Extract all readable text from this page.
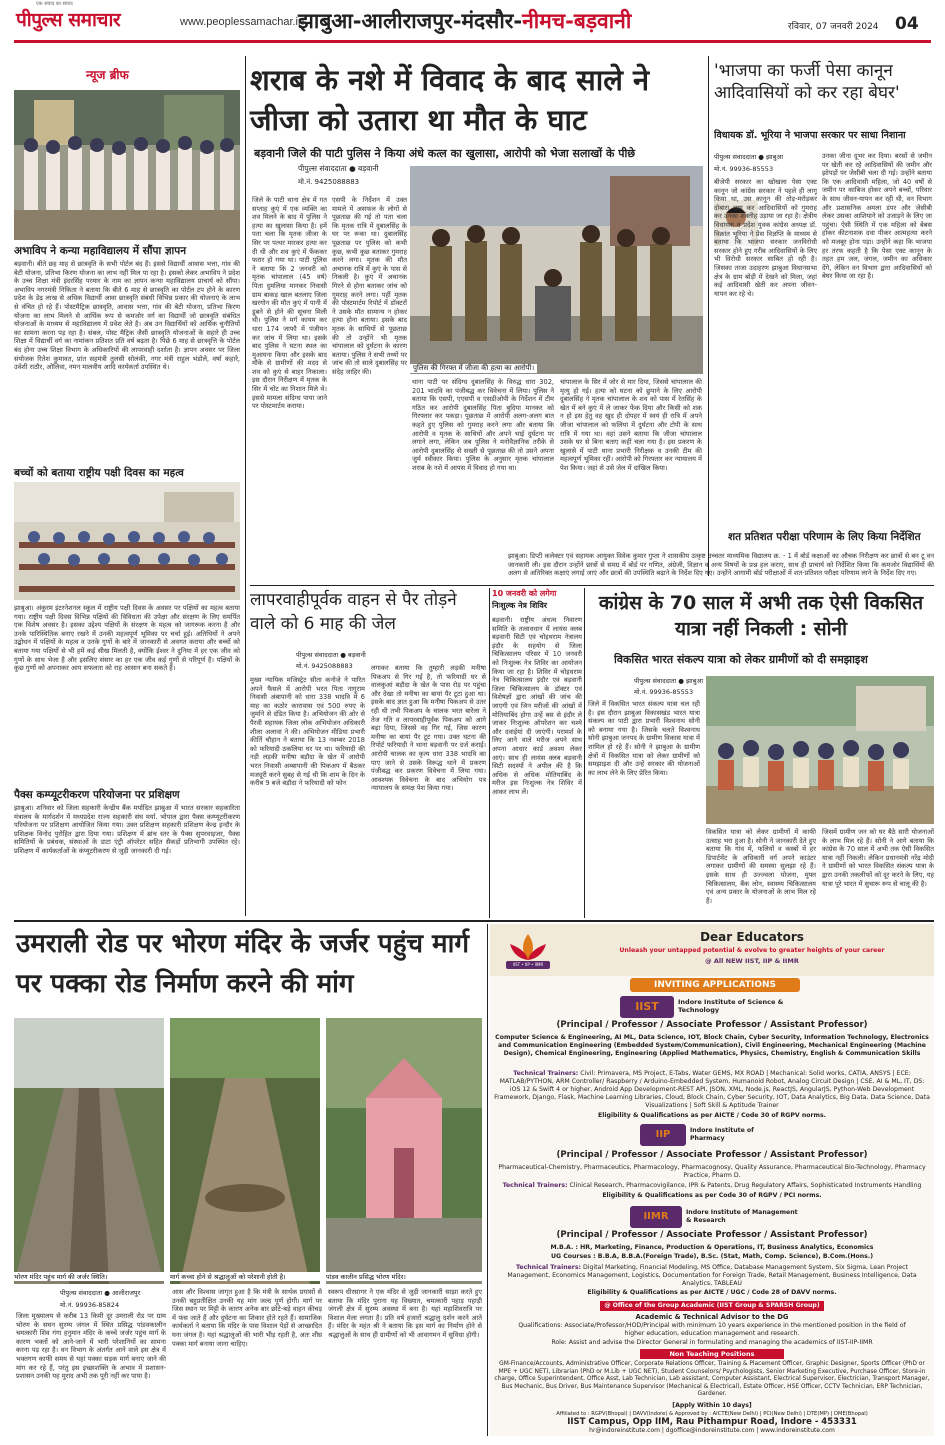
पीपुल्स समाचार
एक संवाद का संवाद
www.peoplessamachar.in
झाबुआ-आलीराजपुर-मंदसौर-नीमच-बड़वानी	रविवार, 07 जनवरी 2024 04
न्यूज ब्रीफ
अभाविप ने कन्या महाविद्यालय में सौंपा ज्ञापन
बड़वानी। बीते छह माह से छात्रवृति के सभी पोर्टल बंद हैं। इससे विद्यार्थी आवास भत्ता, गांव की बेटी योजना, प्रतिभा किरण योजना का लाभ नहीं मिल पा रहा है। इसको लेकर अभाविप ने प्रदेश के उच्च शिक्षा मंत्री इंदरसिंह परमार के नाम का ज्ञापन कन्या महाविद्यालय प्राचार्य को सौंपा। अभाविप नगरमंत्री निकिता ने बताया कि बीते 6 माह से छात्रवृति का पोर्टल टप होने के कारण प्रदेश के डेढ़ लाख से अधिक विद्यार्थी आवा छात्रवृति संबंधी विभिन्न प्रकार की योजनाएं के लाभ से वंचित हो रहे हैं। पोस्टमैट्रिक छात्रवृति, आवास भत्ता, गांव की बेटी योजना, प्रतिभा किरण योजना का लाभ मिलने से आर्थिक रूप से कमजोर वर्ग का विद्यार्थी जो छात्रवृति संबंधित योजनाओं के माध्यम से महाविद्यालय में प्रवेश लेते है। अब उन विद्यार्थियों को आर्थिक चुनौतियों का सामना करना पड़ रहा है। संबल, पोस्ट मैट्रिक जैसी छात्रवृति योजनाओं के सहारे ही उच्च शिक्षा में विद्यार्थी वर्ग का नामांकन प्रतिशत प्रति वर्ष बढ़ता है। पिछे 6 माह से छात्रवृत्ति के पोर्टल बंद होना उच्च शिक्षा विभाग के अधिकारियों की लापरवाही दर्शाता है। ज्ञापन अवसर पर जिला संयोजक रितेश कुमावत, प्रांत सहमंत्री तुलसी सोलंकी, नगर मंत्री राहुल भंडोले, वर्षा कहारे, उर्वशी राठौर, ओलिवा, नमन मालवीय आदि कार्यकर्ता उपस्थित थे।
बच्चों को बताया राष्ट्रीय पक्षी दिवस का महत्व
झाबुआ। अंकुरम इंटरनेशनल स्कूल में राष्ट्रीय पक्षी दिवस के अवसर पर पक्षियों का महत्व बताया गया। राष्ट्रीय पक्षी दिवस विभिन्न पक्षियों की विविधता की उपेक्षा और संरक्षण के लिए समर्पित एक विशेष अवसर है। इसका उद्देश्य पक्षियों के संरक्षण के महत्व को जागरूक करना है और उनके पारिस्थितिक बनाए रखने में उनकी महत्वपूर्ण भूमिका पर चर्चा हुई। अतिथियों ने अपने उद्बोधन में पक्षियों के महत्व व उनके गुणों के बारे में जानकारी से अवगत कराया और बच्चों को बताया गया पक्षियों से भी हमें कई सीख मिलती है, क्योंकि ईश्वर ने दुनिया में हर एक जीव को गुणों के साथ भेजा है और इसलिए संसार का हर एक जीव कई गुणों से परिपूर्ण है। पक्षियों के कुछ गुणों को अपनाकर आप सफलता को राह आसान बना सकते हैं।
पैक्स कम्प्यूटरीकरण परियोजना पर प्रशिक्षण
झाबुआ। शनिवार को जिला सहकारी केन्द्रीय बैंक मर्यादित झाबुआ में भारत सरकार सहकारिता मंत्रालय के मार्गदर्शन में मध्यप्रदेश राज्य सहकारी संघ मर्या. भोपाल द्वारा पैक्स कम्प्यूटरीकरण परियोजना पर प्रशिक्षण आयोजित किया गया। उक्त प्रशिक्षण सहकारी प्रशिक्षण केन्द्र इन्दौर के प्रशिक्षक विनोद पुरोहित द्वारा दिया गया। प्रशिक्षण में ब्रांच स्तर के पैक्स सुपरवाइजर, पैक्स समितियों के प्रबंधक, संस्थाओं के डाटा एंट्री ऑपरेटर सहित सैकड़ों प्रतिभागी उपस्थित रहे। प्रशिक्षण में कार्यकर्ताओं के कंप्यूटरीकरण से जुड़ी जानकारी दी गई।
शराब के नशे में विवाद के बाद साले ने जीजा को उतारा था मौत के घाट
बड़वानी जिले की पाटी पुलिस ने किया अंधे कत्ल का खुलासा, आरोपी को भेजा सलाखों के पीछे
पीपुल्स संवाददाता ● बड़वानी
मो.नं. 9425088883
जिले के पाटी थाना क्षेत्र में गत सप्ताह कुएं में एक व्यक्ति का शव मिलने के बाद में पुलिस ने हत्या का खुलासा किया है। हमें पता चला कि मृतक जीजा के सिर पर पत्थर मारकर हत्या कर दी थी और शव कुएं में फेंककर फरार हो गया था। पाटी पुलिस ने बताया कि 2 जनवरी को मृतक चांपालाल (45 वर्ष) पिता दुमलिया मानकर निवासी ग्राम बाकड़ खाल बतलाए जिला खरगोन की मौत कुएं में पानी में डूबने से होने की सूचना मिली थी। पुलिस ने मर्ग कायम कर धारा 174 जाफौ में पंजीयन कर जांच में लिया था। इसके बाद पुलिस ने घटना स्थल का मुआयना किया और इसके बाद मौके से ग्रामीणों की मदद से शव को कुएं से बाहर निकाला। इस दौरान निरीक्षण में मृतक के सिर में चोट का निशान मिले थे। इससे मामला संदिग्ध पाया जाने पर पोस्टमार्टम कराया।
एसपी के निर्देशन में उक्त मामले में असफल के लोगों से पूछताछ की गई तो पता चला कि मृतक रात्रि में दुबालसिंह के घर पर रूका था। दुबालसिंह पूछताछ पर पुलिस को कभी कुछ, कभी कुछ बताकर गुमराह करने लगा। मृतक की मौत अचानक रात्रि में कुएं के पास से निकली है। कुएं में अचानक गिरने से होना बताकर जांच को गुमराह करने लगा। पहीं मृतक की पोस्टमार्टम रिपोर्ट में डॉक्टरों ने उसके मौत सामान्य न होकर हत्या होना बताया। इसके बाद मृतक के साथियों से पूछताछ की तो उन्होंने भी मृतक चांपालाल को दुर्घटना के कारण बताया। पुलिस ने सभी तथ्यों पर जांच की तो साले दुबालसिंह पर संदेह जाहिर की।	पुलिस की गिरफ्त में जीजा की हत्या का आरोपी।
थाना पाटी पर संदिग्ध दुबालसिंह के विरुद्ध धारा 302, 201 भादवि का पंजीबद्ध कर विवेचना में लिया। पुलिस ने बताया कि एसपी, एएसपी व एसडीओपी के निर्देशन में टीम गठित कर आरोपी दुबालसिंह पिता बुदिया मानकर को गिरफ्तार कर पकड़ा। पूछताछ में आरोपी अलग-अलग बात कहते हुए पुलिस को गुमराह करने लगा और बताया कि आरोपी व मृतक के साथियों और अपने भाई दुर्घटना पर लगाने लगा, लेकिन जब पुलिस ने मनोवैज्ञानिक तरीके से आरोपी दुबालसिंह से सख्ती से पूछताछ की तो उसने अपना जुर्म स्वीकार किया। पुलिस के अनुसार मृतक चांपालाल शराब के नशे में आपस में विवाद हो गया था।
चांपालाल के सिर में जोर से मार दिया, जिससे चांपालाल की मृत्यु हो गई। हत्या को घटना को छुपाने के लिए आरोपी दुबालसिंह ने मृतक चांपालाल के शव को पास में रेतसिंह के खेत में बने कुएं में ले जाकर फेंक दिया और किसी को शक न हो इस हेतु वह खुद ही दोपहर में स्वयं ही रात्रि में अपने जीजा चांपालाल को फलिया में दुर्घटना और टोपी के साथ रात्रि में गया था। वहां उसने बताया कि जीजा चांपालाल उसके घर से बिना बताए कहीं चला गया है। इस प्रकरण के खुलासे में पाटी थाना प्रभारी निरीक्षक व उनकी टीम की महत्वपूर्ण भूमिका रही। आरोपी को गिरफ्तार कर न्यायालय में पेश किया। जहां से उसे जेल में दाखिल किया।
'भाजपा का फर्जी पेसा कानून आदिवासियों को कर रहा बेघर'
विधायक डॉ. भूरिया ने भाजपा सरकार पर साधा निशाना
पीपुल्स संवाददाता ● झाबुआ
मो.नं. 99936-85553
बीजेपी सरकार का खोखला पेसा एक्ट कानून जो कांग्रेस सरकार ने पहले ही लागू किया था, उस कानून की तोड़-मरोड़कर दोबारा लागू कर आदिवासियों को गुमराह कर उनका शक्तीह उड़ाया जा रहा है। क्षेत्रीय विधायक व प्रदेश युवक कांग्रेस अध्यक्ष डॉ. विक्रांत भूरिया ने प्रेस विज्ञप्ति के माध्यम से बताया कि भाजपा सरकार जनविरोधी सरकार होने हुए गरीब आदिवासियों के लिए भी विरोधी सरकार साबित हो रही है। जिसका ताजा उदाहरण झाबुआ विधानसभा क्षेत्र के ग्राम बोड़ी में देखने को मिला, जहां कई आदिवासी खेती कर अपना जीवन-यापन कर रहे थे।
उनका जीना दूभर कर दिया। बरसों से जमीन पर खेती कर रहे आदिवासियों की जमीन और झोपड़ों पर जेसीबी चला दी गई। उन्होंने बताया कि एक आदिवासी महिला, जो 40 वर्षों से जमीन पर काबिज होकर अपने बच्चों, परिवार के साथ जीवन-यापन कर रही थी, वन विभाग और प्रशासनिक अमला डंपर और जेसीबी लेकर उसका आशियाने को उजाड़ने के लिए जा पहुंचा। ऐसी स्थिति में एक महिला को बेबस होकर कीटनाशक दवा पीकर आत्महत्या करने को मजबूर होना पड़ा। उन्होंने कहा कि भाजपा हर तरफ कहती है कि पेसा एक्ट कानून के तहत हम जल, जंगल, जमीन का अधिकार देंगे, लेकिन वन विभाग द्वारा आदिवासियों को बेघर किया जा रहा है।
शत प्रतिशत परीक्षा परिणाम के लिए किया निर्देशित
झाबुआ। डिप्टी कलेक्टर एवं सहायक आयुक्त विवेक कुमार गुप्ता ने शासकीय उत्कृष्ट उच्चतर माध्यमिक विद्यालय क्र. - 1 में बोर्ड कक्षाओं का औचक निरीक्षण कर छात्रों से बन टू वन जानकारी ली। इस दौरान उन्होंने छात्रों से समग्र में बोर्ड पर गणित, अंग्रेजी, विज्ञान व अन्य विषयों के प्रश्न हल कराए, साथ ही प्राचार्य को निर्देशित किया कि कमजोर विद्यार्थियों की अलग से अतिरिक्त कक्षाएं लगाई जाएं और छात्रों की उपस्थिति बढ़ाने के निर्देश दिए गए। उन्होंने आगामी बोर्ड परीक्षाओं में शत-प्रतिशत परीक्षा परिणाम लाने के निर्देश दिए गए।
लापरवाहीपूर्वक वाहन से पैर तोड़ने वाले को 6 माह की जेल
पीपुल्स संवाददाता ● बड़वानी
मो.नं. 9425088883
मुख्य न्यायिक मजिस्ट्रेट सीता कनोजे ने पारित अपने फैसले में आरोपी भरत पिता नागुराम निवासी अंबापानी को धारा 338 भादवि में 6 माह का कठोर कारावास एवं 500 रुपए के जुर्माने से दंडित किया है। अभियोजन की ओर से पैरवी सहायक जिला लोक अभियोजन अधिकारी शीला अलावा ने की। अभियोजन मीडिया प्रभारी कीर्ति चौहान ने बताया कि 13 नवम्बर 2018 को फरियादी ठकलिया घर पर था। फरियादी की नड़ी लड़की मनीषा बड़ौदा के खेत में आरोपी भरत निवासी अम्बापानी की पिकअप में बैठकर मजदूरी करने सुबह से गई थी कि शाम के दिन के करीब 9 बजे बड़ौदा ने फरियादी को फोन
लगाकर बताया कि तुम्हारी लड़की मनीषा पिकअप से गिर गई है, तो फरियादी घर से वालकुआं बड़ौदा के खेत के पास रोड़ पर पहुंचा और देखा तो मनीषा का बायां पैर टूटा हुआ था। इसके बाद ज्ञात हुआ कि मनीषा पिकअप से उतर रही थी तभी पिकअप के चालक भरत बारेला ने तेज गति व लापरवाहीपूर्वक पिकअप को आगे बढ़ा दिया, जिससे वह गिर गई, जिस कारण मनीषा का बायां पैर टूट गया। उक्त घटना की रिपोर्ट फरियादी ने थाना बड़वानी पर दर्ज कराई। आरोपी चालक का कृत्य धारा 338 भादवि का पाए जाने से उसके विरूद्ध थाने में प्रकरण पंजीबद्ध कर प्रकरण विवेचना में लिया गया। आवश्यक विवेचना के बाद अभियोग पत्र न्यायालय के समक्ष पेश किया गया।
10 जनवरी को लगेगा
निःशुल्क नेत्र शिविर
बड़वानी। राष्ट्रीय अंधत्व निवारण समिति के तत्वावधान में लायंस क्लब बड़वानी सिटी एवं चोइथराम नेत्रालय इंदौर के सहयोग से जिला चिकित्सालय परिसर में 10 जनवरी को निःशुल्क नेत्र शिविर का आयोजन किया जा रहा है। शिविर में चोइथराम नेत्र चिकित्सालय इंदौर एवं बड़वानी जिला चिकित्सालय के डॉक्टर एवं विशेषज्ञों द्वारा आंखों की जांच की जाएगी एवं जिन मरीजों की आंखों में मोतियाबिंद होगा उन्हें बस से इंदौर ले जाकर निःशुल्क ऑपरेशन कर चश्मे और दवाईयां दी जाएंगी। परामर्श के लिए आने वाले मरीज अपने साथ अपना आधार कार्ड अवश्य लेकर आएं। साथ ही लायंस क्लब बड़वानी सिटी सदस्यों ने अपील की है कि अधिक से अधिक मोतियाबिंद के मरीज इस निःशुल्क नेत्र शिविर में आकर लाभ लें।
कांग्रेस के 70 साल में अभी तक ऐसी विकसित यात्रा नहीं निकली : सोनी
विकसित भारत संकल्प यात्रा को लेकर ग्रामीणों को दी समझाइश
पीपुल्स संवाददाता ● झाबुआ
मो.नं. 99936-85553
जिले में विकसित भारत संकल्प यात्रा चल रही है। इस दौरान झाबुआ विकासखंड भारत यात्रा संकल्प का पाटी द्वारा प्रभारी विश्वनाथ सोनी को बनाया गया है। जिसके चलते विश्वनाथ सोनी झाबुआ जनपद के ग्रामीण विकास यात्रा में शामिल हो रहे हैं। सोनी ने झाबुआ के ग्रामीण क्षेत्रों में विकसित यात्रा को लेकर ग्रामीणों को समझाइश दी और उन्हें सरकार की योजनाओं का लाभ लेने के लिए प्रेरित किया।
विकसित यात्रा को लेकर ग्रामीणों में काफी उत्साह भरा हुआ है। सोनी ने जानकारी देते हुए बताया कि गांव में, फलियों व कस्बों में हर डिपार्टमेंट के अधिकारी वर्ग अपने काउंटर लगाकर ग्रामीणों की समस्या सुलझा रहे हैं। इसके साथ ही उज्ज्वला योजना, मुफ्त चिकित्सालय, बैंक लोन, स्वास्थ्य चिकित्सालय एवं अन्य प्रकार के योजनाओं के लाभ मिल रहे हैं।
जिसमें ग्रामीण जन को घर बैठे सारी योजनाओं के लाभ मिल रहे हैं। सोनी ने आगे बताया कि कांग्रेस के 70 साल में अभी तक ऐसी विकसित यात्रा नहीं निकली। लेकिन प्रधानमंत्री नरेंद्र मोदी ने ग्रामीणों को भारत विकसित संकल्प यात्रा के द्वारा उनकी तकलीफों को दूर करने के लिए, यह यात्रा पूरे भारत में सुचारू रूप से चालू की है।
उमराली रोड पर भोरण मंदिर के जर्जर पहुंच मार्ग पर पक्का रोड निर्माण करने की मांग
भोरण मंदिर पहुंच मार्ग की जर्जर स्थिति।	मार्ग कच्चा होने से श्रद्धालुओं को परेशानी होती है।	पांडव कालीन प्रसिद्ध भोरण मंदिर।
पीपुल्स संवाददाता ● आलीराजपुर
मो.नं. 99936-85824
जिला मुख्यालय से करीब 13 किमी दूर उमराली रोड पर ग्राम भोरण के सघन सुरम्य जंगल में स्थित प्रसिद्ध पांडवकालीन चमत्कारी शिव गंगा हनुमान मंदिर के कच्चे जर्जर पहुंच मार्ग के कारण भक्तों को आने-जाने में भारी परेशानियों का सामना करना पड़ रहा है। वन विभाग के अंतर्गत आने वाले इस क्षेत्र में भक्तगण काफी समय से यहां पक्का सड़क मार्ग बनाए जाने की मांग कर रहे हैं, परंतु इस इच्छाशक्ति के अभाव में प्रशासन-प्रशासन उनकी यह मुराद अभी तक पूरी नहीं कर पाया है।
आस और विश्वास जागृत हुआ है कि मंत्री के सार्थक प्रयासों से उनकी बहुप्रतीक्षित उनकी यह मांग जल्द पूर्ण होगी। मार्ग पर जिस स्थान पर मिट्टी के कारण अनेक बार छोटे-बड़े वाहन कीचड़ में फंस जाते हैं और दुर्घटना का शिकार होते रहते हैं। सामाजिक कार्यकर्ता ने बताया कि मंदिर के पास विशाल पेड़ों से आच्छादित घना जंगल है। यहां श्रद्धालुओं की भारी भीड़ रहती है, अतः शीघ्र पक्का मार्ग बनाया जाना चाहिए।
स्वरूप धीरसागर ने एक मंदिर से जुड़ी जानकारी साझा करते हुए बताया कि मंदिर पुराना यह विख्यात, चमत्कारी पहाड़ पहाड़ी जंगली क्षेत्र में सुरम्य अवस्था में बना है। यहां महाशिवरात्रि पर विशाल मेला लगता है। प्रति वर्ष हजारों श्रद्धालु दर्शन करने आते हैं। मंदिर के महंत श्री ने बताया कि इस मार्ग का निर्माण होने से श्रद्धालुओं के साथ ही ग्रामीणों को भी आवागमन में सुविधा होगी।
IIST • IIP • IIMR
Dear Educators
Unleash your untapped potential & evolve to greater heights of your career
@ All NEW IIST, IIP & IIMR
INVITING APPLICATIONS
IIST	Indore Institute of Science & Technology
(Principal / Professor / Associate Professor / Assistant Professor)
Computer Science & Engineering, AI ML, Data Science, IOT, Block Chain, Cyber Security, Information Technology, Electronics and Communication Engineering (Embedded System/Communication), Civil Engineering, Mechanical Engineering (Machine Design), Chemical Engineering, Engineering (Applied Mathematics, Physics, Chemistry, English & Communication Skills
Technical Trainers: Civil: Primavera, MS Project, E-Tabs, Water GEMS, MX ROAD | Mechanical: Solid works, CATIA, ANSYS | ECE: MATLAB/PYTHON, ARM Controller/ Raspberry / Arduino-Embedded System, Humanoid Robot, Analog Circuit Design | CSE, AI & ML, IT, DS: iOS 12 & Swift 4 or higher, Android App Development-REST API, JSON, XML, Node.js, ReactJS, AngularJS, Python-Web Development Framework, Django, Flask, Machine Learning Libraries, Cloud, Block Chain, Cyber Security, IOT, Data Analytics, Big Data, Data Science, Data Visualizations | Soft Skill & Aptitude Trainer
Eligibility & Qualifications as per AICTE / Code 30 of RGPV norms.
IIP	Indore Institute of Pharmacy
(Principal / Professor / Associate Professor / Assistant Professor)
Pharmaceutical-Chemistry, Pharmaceutics, Pharmacology, Pharmacognosy, Quality Assurance, Pharmaceutical Bio-Technology, Pharmacy Practice, Pharm D.
Technical Trainers: Clinical Research, Pharmacovigilance, IPR & Patents, Drug Regulatory Affairs, Sophisticated Instruments Handling
Eligibility & Qualifications as per Code 30 of RGPV / PCI norms.
IIMR	Indore Institute of Management & Research
(Principal / Professor / Associate Professor / Assistant Professor)
M.B.A. : HR, Marketing, Finance, Production & Operations, IT, Business Analytics, Economics
UG Courses : B.B.A, B.B.A.(Foreign Trade), B.Sc. (Stat, Math, Comp. Science), B.Com.(Hons.)
Technical Trainers: Digital Marketing, Financial Modeling, MS Office, Database Management System, Six Sigma, Lean Project Management, Economics Management, Logistics, Documentation for Foreign Trade, Retail Management, Business Intelligence, Data Analytics, TABLEAU
Eligibility & Qualifications as per AICTE / UGC / Code 28 of DAVV norms.
@ Office of the Group Academic (IIST Group & SPARSH Group)
Academic & Technical Advisor to the DG
Qualifications: Associate/Professor/HOD/Principal with minimum 10 years experience in the mentioned position in the field of higher education, education management and research.
Role: Assist and advise the Director General in formulating and managing the academics of IIST-IIP-IIMR
Non Teaching Positions
GM-Finance/Accounts, Administrative Officer, Corporate Relations Officer, Training & Placement Officer, Graphic Designer, Sports Officer (PhD or MPE + UGC NET), Librarian (PhD or M.Lib + UGC NET), Student Counselors/ Psychologists, Senior Marketing Executive, Purchase Officer, Store-in charge, Office Superintendent, Office Asst, Lab Technician, Lab assistant, Computer Assistant, Electrical Supervisor, Electrician, Transport Manager, Bus Mechanic, Bus Driver, Bus Maintenance Supervisor (Mechanical & Electrical), Estate Officer, HSE Officer, CCTV Technician, ERP Technician, Gardener.
[Apply Within 10 days]
Affiliated to : RGPV(Bhopal) | DAVV(Indore) & Approved by : AICTE(New Delhi) | PCI(New Delhi) | DTE(MP) | DME(Bhopal)
IIST Campus, Opp IIM, Rau Pithampur Road, Indore - 453331
hr@indoreinstitute.com | dgoffice@indoreinstitute.com | www.indoreinstitute.com
